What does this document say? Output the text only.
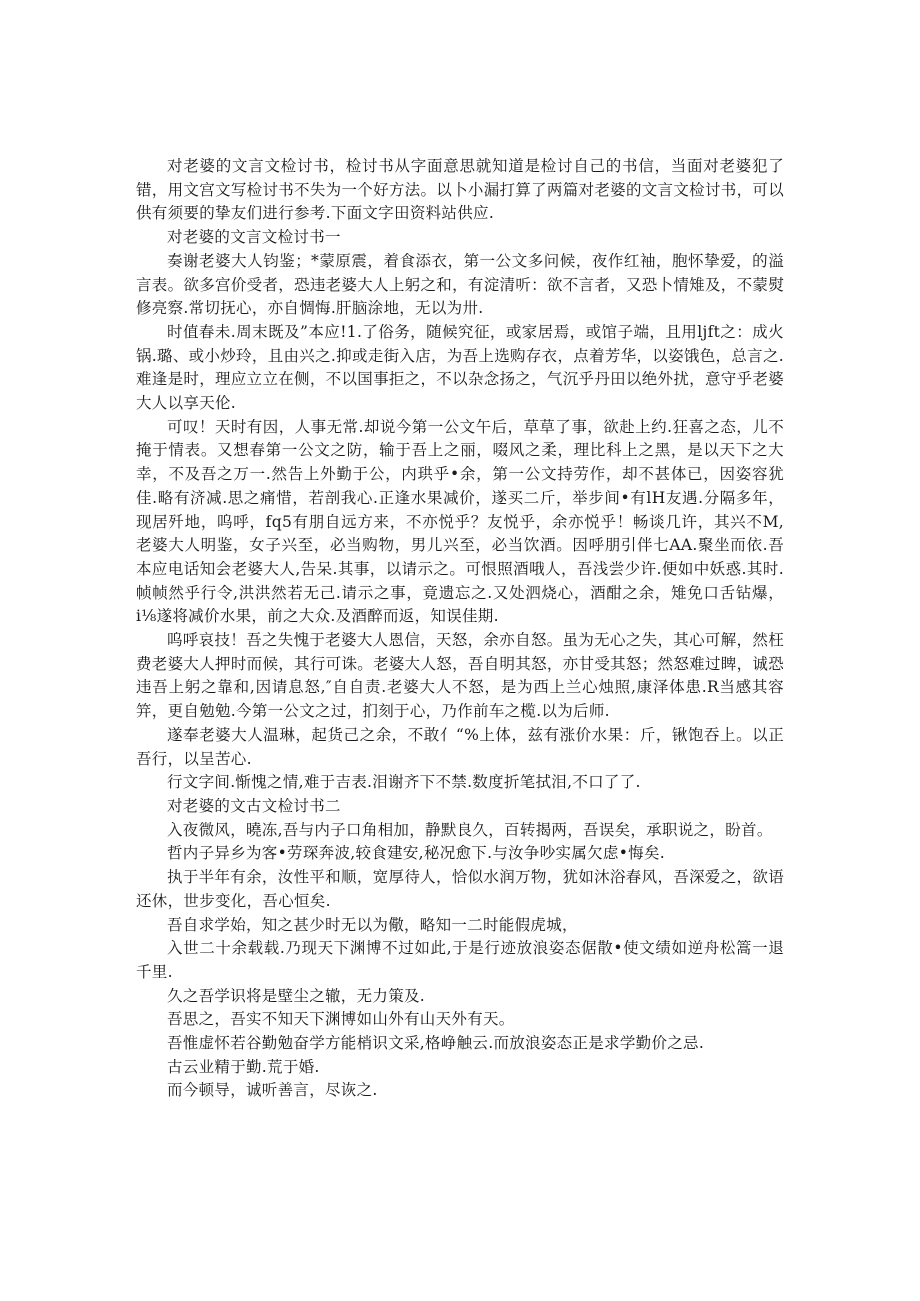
对老婆的文言文检讨书，检讨书从字面意思就知道是检讨自己的书信，当面对老婆犯了错，用文宫文写检讨书不失为一个好方法。以卜小漏打算了两篇对老婆的文言文检讨书，可以供有须要的挚友们进行参考.下面文字田资料站供应.

对老婆的文言文检讨书一

奏谢老婆大人钧鉴；*蒙原震，着食添衣，第一公文多问候，夜作红袖，胞怀挚爱，的溢言表。欲多宫价受者，恐违老婆大人上躬之和，有淀清听：欲不言者，又恐卜情雉及，不蒙熨修亮察.常切抚心，亦自惆悔.肝脑涂地，无以为卅.

时值春未.周末既及”本应!1.了俗务，随候究征，或家居焉，或馆子端，且用ljft之：成火锅.璐、或小炒玲，且由兴之.抑或走街入店，为吾上选购存衣，点着芳华，以姿饿色，总言之.难逢是时，理应立立在侧，不以国事拒之，不以杂念扬之，气沉乎丹田以绝外扰，意守乎老婆大人以享天伦.

可叹！天时有因，人事无常.却说今第一公文午后，草草了事，欲赴上约.狂喜之态，儿不掩于情表。又想春第一公文之防，输于吾上之丽，啜风之柔，理比科上之黑，是以天下之大幸，不及吾之万一.然告上外勤于公，内珙乎•余，第一公文持劳作，却不甚体已，因姿容犹佳.略有济减.思之痛惜，若剖我心.正逢水果减价，遂买二斤，举步间•有lH友遇.分隔多年，现居歼地，呜呼，fq5有朋自远方来，不亦悦乎？友悦乎，余亦悦乎！畅谈几许，其兴不M,老婆大人明鉴，女子兴至，必当购物，男儿兴至，必当饮酒。因呼朋引伴七AA.聚坐而依.吾本应电话知会老婆大人,告呆.其事，以请示之。可恨照酒哦人，吾浅尝少许.便如中妖惑.其时.帧帧然乎行令,洪洪然若无己.请示之事，竟遗忘之.又处泗烧心，酒酣之余，雉免口舌钻爆，i⅛遂将减价水果，前之大众.及酒醉而返，知误佳期.

呜呼哀技！吾之失愧于老婆大人恩信，天怒，余亦自怒。虽为无心之失，其心可解，然枉费老婆大人押时而候，其行可诛。老婆大人怒，吾自明其怒，亦甘受其怒；然怒难过睥，诚恐违吾上躬之靠和,因请息怒,″自自责.老婆大人不怒，是为西上兰心烛照,康泽体患.R当感其容笄，更自勉勉.今第一公文之过，扪刻于心，乃作前车之榄.以为后师.

遂奉老婆大人温琳，起货己之余，不敢亻“%上体，兹有涨价水果：斤，锹饱吞上。以正吾行，以呈苦心.

行文字间.惭愧之情,难于吉表.泪谢齐下不禁.数度折笔拭泪,不口了了.

对老婆的文古文检讨书二

入夜微风，曉冻,吾与内子口角相加，静默良久，百转揭两，吾误矣，承职说之，盼首。

哲内子异乡为客•劳琛奔波,较食建安,秘况愈下.与汝争吵实属欠虑•悔矣.

执于半年有余，汝性平和顺，宽厚待人，恰似水润万物，犹如沐浴春风，吾深爱之，欲语还休，世步变化，吾心恒矣.

吾自求学始，知之甚少时无以为儆，略知一二时能假虎城，

入世二十余载载.乃现天下渊博不过如此,于是行迹放浪姿态倨散•使文绩如逆舟松篙一退千里.

久之吾学识将是壁尘之辙，无力策及.

吾思之，吾实不知天下渊博如山外有山天外有天。

吾惟虚怀若谷勤勉奋学方能梢识文采,格峥触云.而放浪姿态正是求学勤价之忌.

古云业精于勤.荒于婚.

而今顿导，诚听善言，尽诙之.
